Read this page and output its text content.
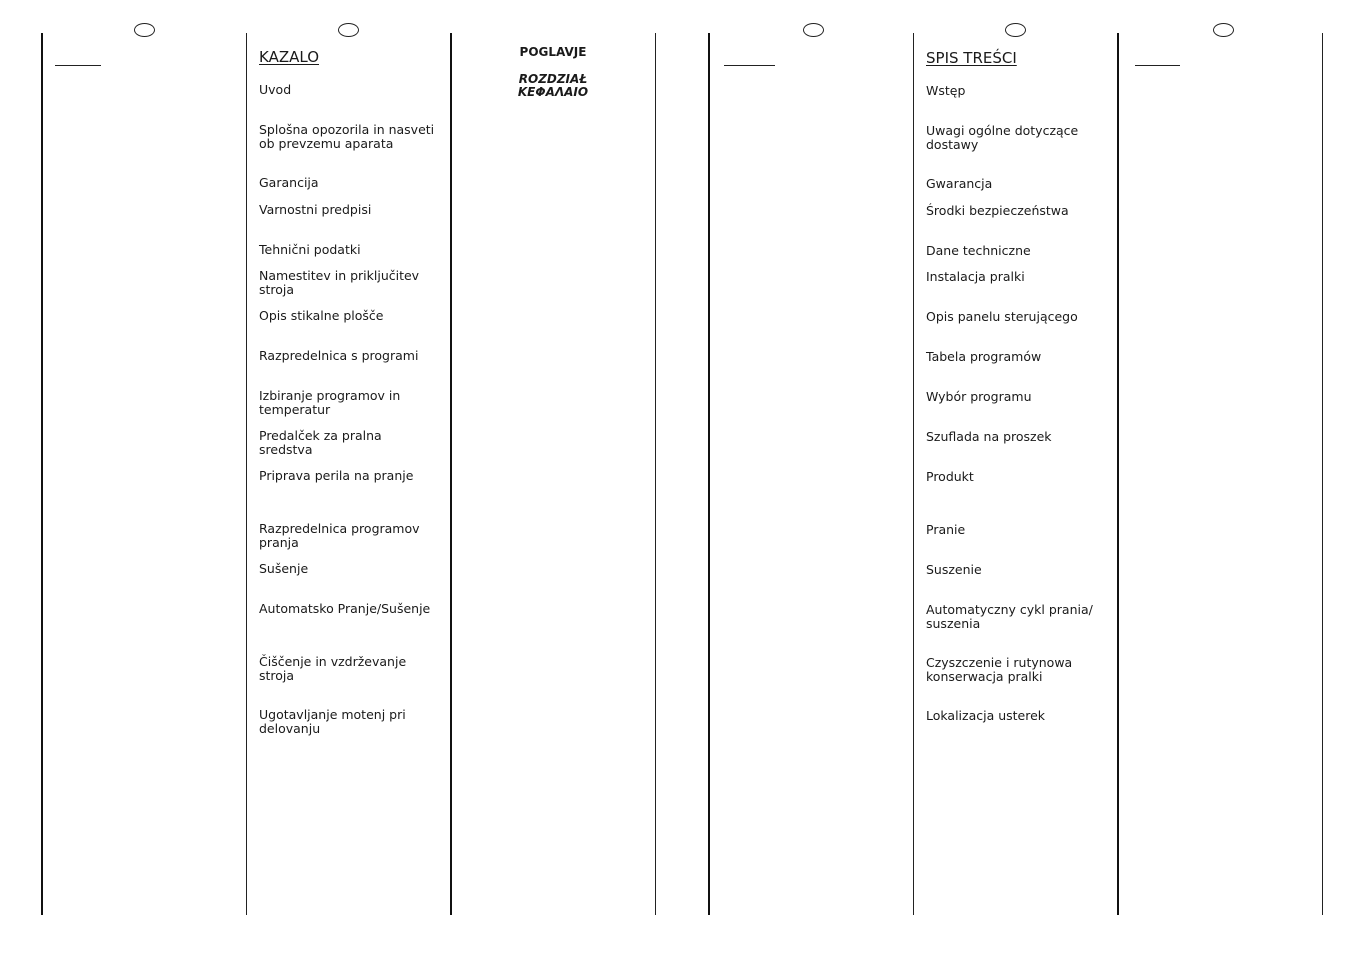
KAZALO
Uvod
Splošna opozorila in nasveti ob prevzemu aparata
Garancija
Varnostni predpisi
Tehnični podatki
Namestitev in priključitev stroja
Opis stikalne plošče
Razpredelnica s programi
Izbiranje programov in temperatur
Predalček za pralna sredstva
Priprava perila na pranje
Razpredelnica programov pranja
Sušenje
Automatsko Pranje/Sušenje
Čiščenje in vzdrževanje stroja
Ugotavljanje motenj pri delovanju
POGLAVJE
ROZDZIAŁ
ΚΕΦΑΛΑΙΟ
SPIS TREŚCI
Wstęp
Uwagi ogólne dotyczące dostawy
Gwarancja
Środki bezpieczeństwa
Dane techniczne
Instalacja pralki
Opis panelu sterującego
Tabela programów
Wybór programu
Szuflada na proszek
Produkt
Pranie
Suszenie
Automatyczny cykl prania/ suszenia
Czyszczenie i rutynowa konserwacja pralki
Lokalizacja usterek
